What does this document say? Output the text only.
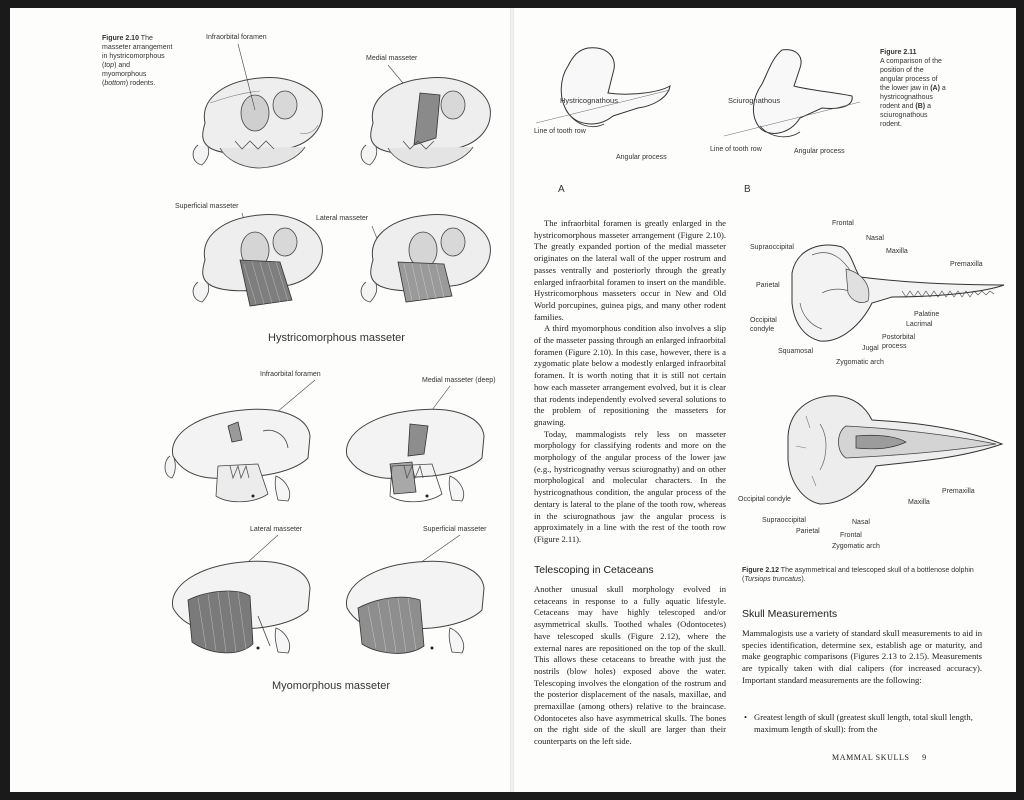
Figure 2.10 The masseter arrangement in hystricomorphous (top) and myomorphous (bottom) rodents.
Infraorbital foramen
Medial masseter
Superficial masseter
Lateral masseter
Hystricomorphous masseter
Infraorbital foramen
Medial masseter (deep)
Lateral masseter	Superficial masseter
Myomorphous masseter
Hystricognathous
Line of tooth row
Angular process
A
Sciurognathous
Line of tooth row	Angular process
B
Figure 2.11
A comparison of the position of the angular process of the lower jaw in (A) a hystricognathous rodent and (B) a sciurognathous rodent.

The infraorbital foramen is greatly enlarged in the hystricomorphous masseter arrangement (Figure 2.10). The greatly expanded portion of the medial masseter originates on the lateral wall of the upper rostrum and passes ventrally and posteriorly through the greatly enlarged infraorbital foramen to insert on the mandible. Hystricomorphous masseters occur in New and Old World porcupines, guinea pigs, and many other rodent families.

A third myomorphous condition also involves a slip of the masseter passing through an enlarged infraorbital foramen (Figure 2.10). In this case, however, there is a zygomatic plate below a modestly enlarged infraorbital foramen. It is worth noting that it is still not certain how each masseter arrangement evolved, but it is clear that rodents independently evolved several solutions to the problem of repositioning the masseters for gnawing.

Today, mammalogists rely less on masseter morphology for classifying rodents and more on the morphology of the angular process of the lower jaw (e.g., hystricognathy versus sciurognathy) and on other morphological and molecular characters. In the hystricognathous condition, the angular process of the dentary is lateral to the plane of the tooth row, whereas in the sciurognathous jaw the angular process is approximately in a line with the rest of the tooth row (Figure 2.11).

Telescoping in Cetaceans

Another unusual skull morphology evolved in cetaceans in response to a fully aquatic lifestyle. Cetaceans may have highly telescoped and/or asymmetrical skulls. Toothed whales (Odontocetes) have telescoped skulls (Figure 2.12), where the external nares are repositioned on the top of the skull. This allows these cetaceans to breathe with just the nostrils (blow holes) exposed above the water. Telescoping involves the elongation of the rostrum and the posterior displacement of the nasals, maxillae, and premaxillae (among others) relative to the braincase. Odontocetes also have asymmetrical skulls. The bones on the right side of the skull are larger than their counterparts on the left side.

Frontal
Nasal
Supraoccipital
Maxilla
Premaxilla
Parietal
Palatine
Lacrimal
Occipital
condyle
Postorbital
process
Jugal
Squamosal
Zygomatic arch
Premaxilla
Maxilla
Occipital condyle
Supraoccipital	Nasal
Parietal
Frontal
Zygomatic arch
Figure 2.12 The asymmetrical and telescoped skull of a bottlenose dolphin (Tursiops truncatus).
Skull Measurements

Mammalogists use a variety of standard skull measurements to aid in species identification, determine sex, establish age or maturity, and make geographic comparisons (Figures 2.13 to 2.15). Measurements are typically taken with dial calipers (for increased accuracy). Important standard measurements are the following:

• Greatest length of skull (greatest skull length, total skull length, maximum length of skull): from the
MAMMAL SKULLS 9
